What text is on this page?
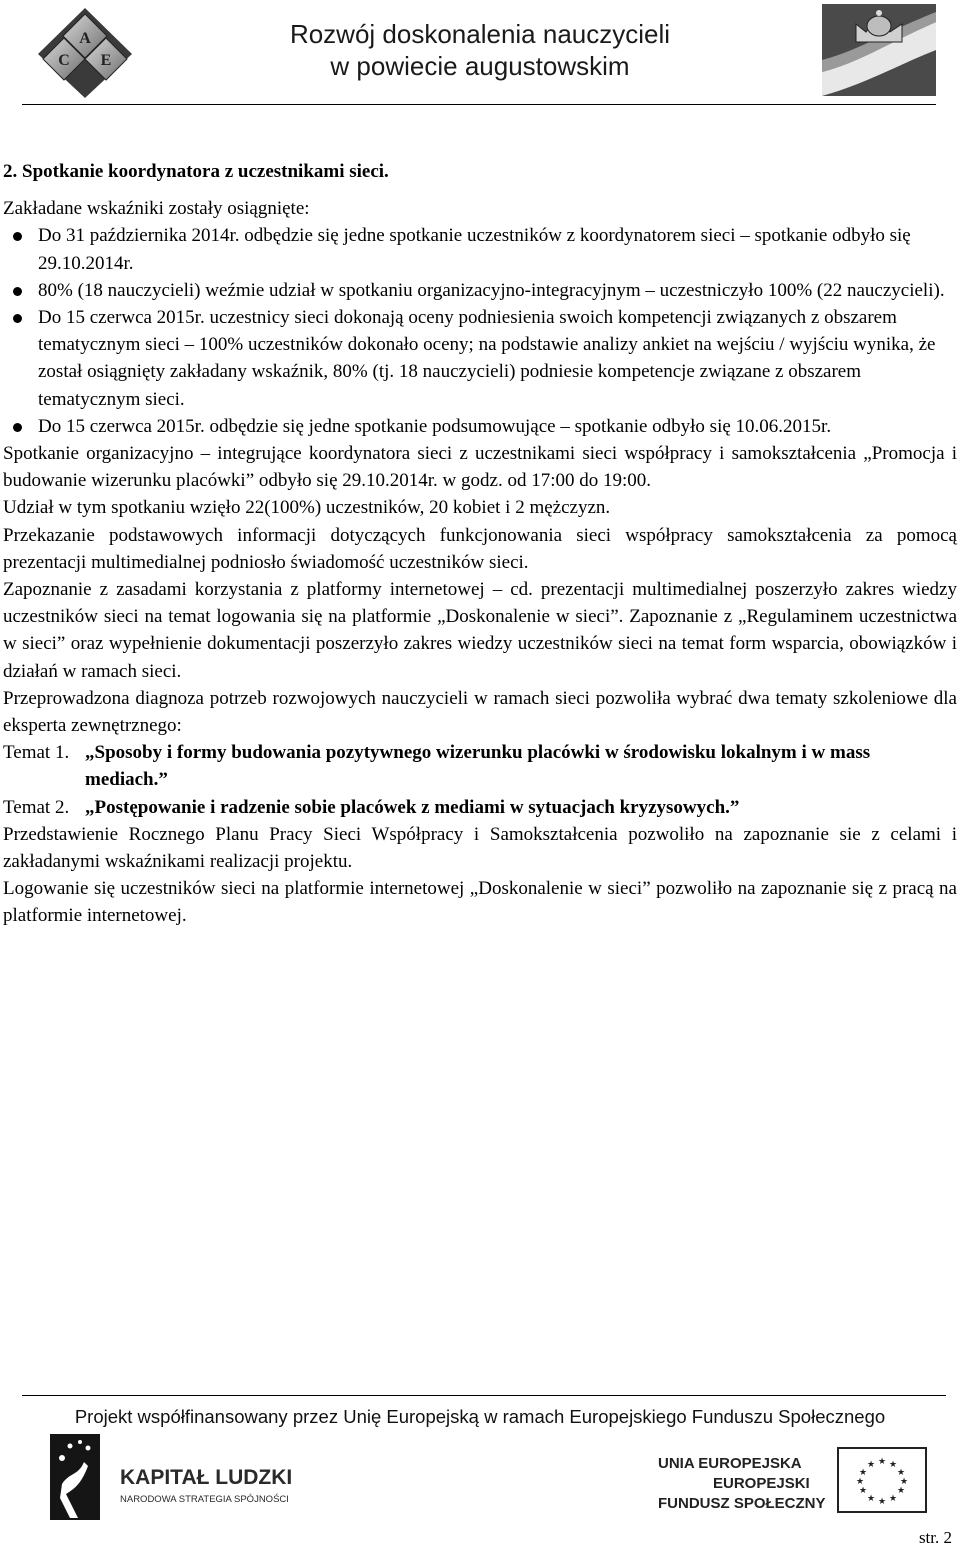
A
C E
Rozwój doskonalenia nauczycieli
w powiecie augustowskim

2. Spotkanie koordynatora z uczestnikami sieci.

Zakładane wskaźniki zostały osiągnięte:

Do 31 października 2014r. odbędzie się jedne spotkanie uczestników z koordynatorem sieci – spotkanie odbyło się 29.10.2014r.
80% (18 nauczycieli) weźmie udział w spotkaniu organizacyjno-integracyjnym – uczestniczyło 100% (22 nauczycieli).
Do 15 czerwca 2015r. uczestnicy sieci dokonają oceny podniesienia swoich kompetencji związanych z obszarem tematycznym sieci – 100% uczestników dokonało oceny; na podstawie analizy ankiet na wejściu / wyjściu wynika, że został osiągnięty zakładany wskaźnik, 80% (tj. 18 nauczycieli) podniesie kompetencje związane z obszarem tematycznym sieci.
Do 15 czerwca 2015r. odbędzie się jedne spotkanie podsumowujące – spotkanie odbyło się 10.06.2015r.

Spotkanie organizacyjno – integrujące koordynatora sieci z uczestnikami sieci współpracy i samokształcenia „Promocja i budowanie wizerunku placówki” odbyło się 29.10.2014r. w godz. od 17:00 do 19:00.

Udział w tym spotkaniu wzięło 22(100%) uczestników, 20 kobiet i 2 mężczyzn.

Przekazanie podstawowych informacji dotyczących funkcjonowania sieci współpracy samokształcenia za pomocą prezentacji multimedialnej podniosło świadomość uczestników sieci.

Zapoznanie z zasadami korzystania z platformy internetowej – cd. prezentacji multimedialnej poszerzyło zakres wiedzy uczestników sieci na temat logowania się na platformie „Doskonalenie w sieci”. Zapoznanie z „Regulaminem uczestnictwa w sieci” oraz wypełnienie dokumentacji poszerzyło zakres wiedzy uczestników sieci na temat form wsparcia, obowiązków i działań w ramach sieci.

Przeprowadzona diagnoza potrzeb rozwojowych nauczycieli w ramach sieci pozwoliła wybrać dwa tematy szkoleniowe dla eksperta zewnętrznego:

Temat 1. „Sposoby i formy budowania pozytywnego wizerunku placówki w środowisku lokalnym i w mass mediach.”
Temat 2. „Postępowanie i radzenie sobie placówek z mediami w sytuacjach kryzysowych.”

Przedstawienie Rocznego Planu Pracy Sieci Współpracy i Samokształcenia pozwoliło na zapoznanie sie z celami i zakładanymi wskaźnikami realizacji projektu.

Logowanie się uczestników sieci na platformie internetowej „Doskonalenie w sieci” pozwoliło na zapoznanie się z pracą na platformie internetowej.

Projekt współfinansowany przez Unię Europejską w ramach Europejskiego Funduszu Społecznego
KAPITAŁ LUDZKI
NARODOWA STRATEGIA SPÓJNOŚCI
UNIA EUROPEJSKA
EUROPEJSKI
FUNDUSZ SPOŁECZNY
★ ★
★
★
★
★
★
★
★
★
★
★
str. 2
